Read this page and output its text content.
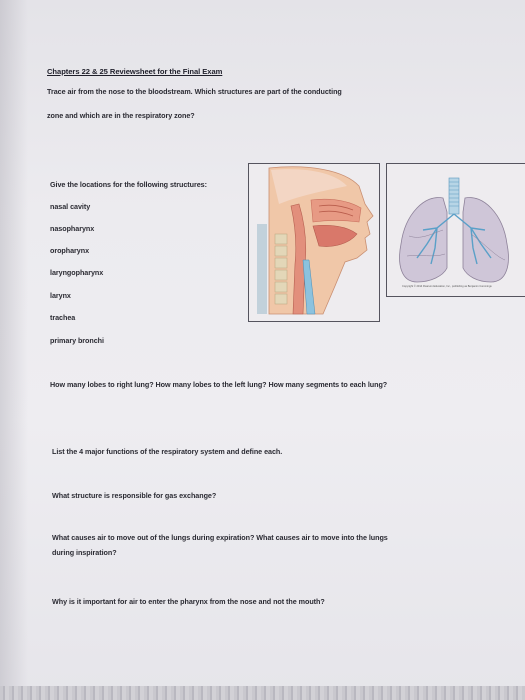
Chapters 22 & 25 Reviewsheet for the Final Exam
Trace air from the nose to the bloodstream. Which structures are part of the conducting
zone and which are in the respiratory zone?
Give the locations for the following structures:
nasal cavity
nasopharynx
oropharynx
laryngopharynx
larynx
trachea
primary bronchi
Copyright © 2014 Pearson Education, Inc., publishing as Benjamin Cummings
How many lobes to right lung? How many lobes to the left lung? How many segments to each lung?
List the 4 major functions of the respiratory system and define each.
What structure is responsible for gas exchange?
What causes air to move out of the lungs during expiration? What causes air to move into the lungs
during inspiration?
Why is it important for air to enter the pharynx from the nose and not the mouth?
